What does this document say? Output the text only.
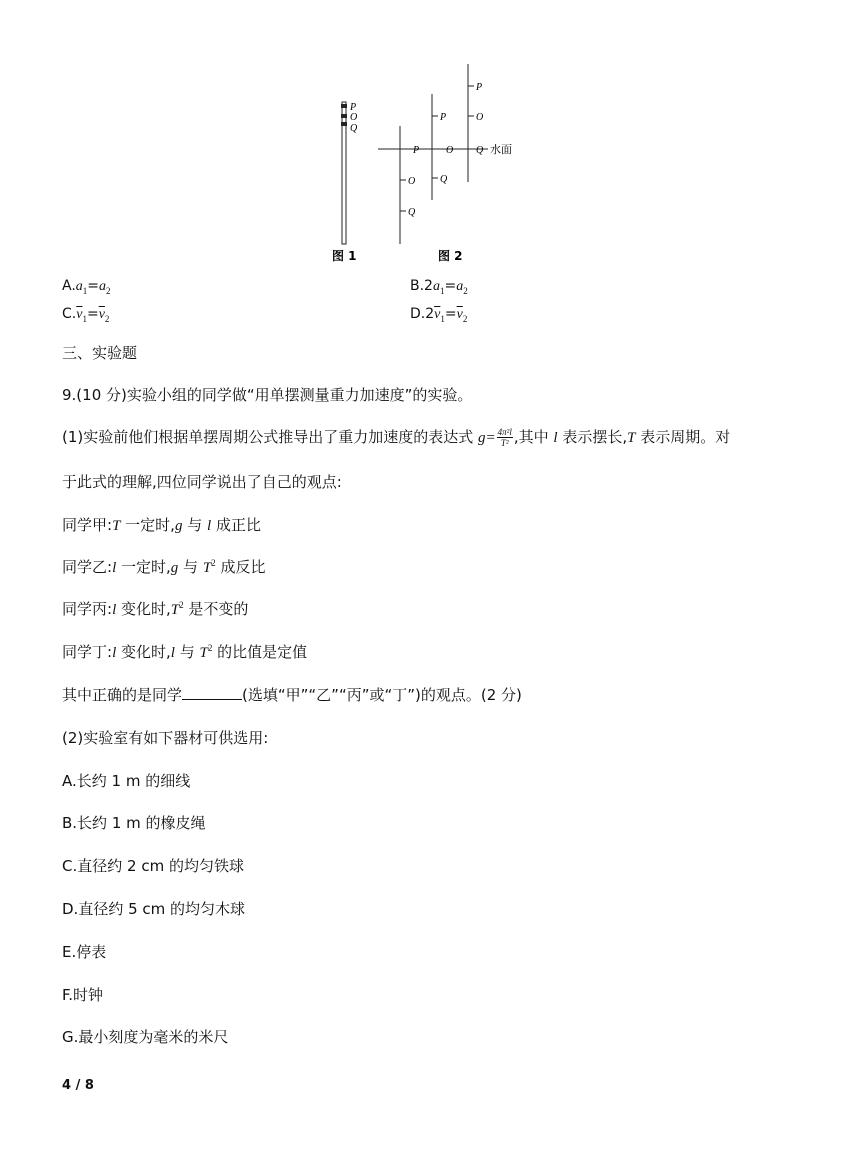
P
O
Q
水面
P
O
Q
P
O
Q
P
O
Q
图 1	图 2
$A.a_1=a_2$	$B.2a_1=a_2$
$C.\overline{v}_1=\overline{v}_2$	$D.2\overline{v}_1=\overline{v}_2$
三、实验题
9.(10 分)实验小组的同学做“用单摆测量重力加速度”的实验。
(1)实验前他们根据单摆周期公式推导出了重力加速度的表达式 $g= \frac{\text{4π²l}}{\text{T²}}$ ,其中 l 表示摆长,T 表示周期。对
于此式的理解,四位同学说出了自己的观点:
同学甲:T 一定时,g 与 l 成正比
同学乙:l 一定时,g 与 $T^2$ 成反比
同学丙:l 变化时$,T^2$ 是不变的
同学丁:l 变化时,l 与 $T^2$ 的比值是定值
其中正确的是同学	(选填“甲”“乙”“丙”或“丁”)的观点。(2 分)
(2)实验室有如下器材可供选用:
A.长约 1 m 的细线
B.长约 1 m 的橡皮绳
C.直径约 2 cm 的均匀铁球
D.直径约 5 cm 的均匀木球
E.停表
F.时钟
G.最小刻度为毫米的米尺
4 / 8
